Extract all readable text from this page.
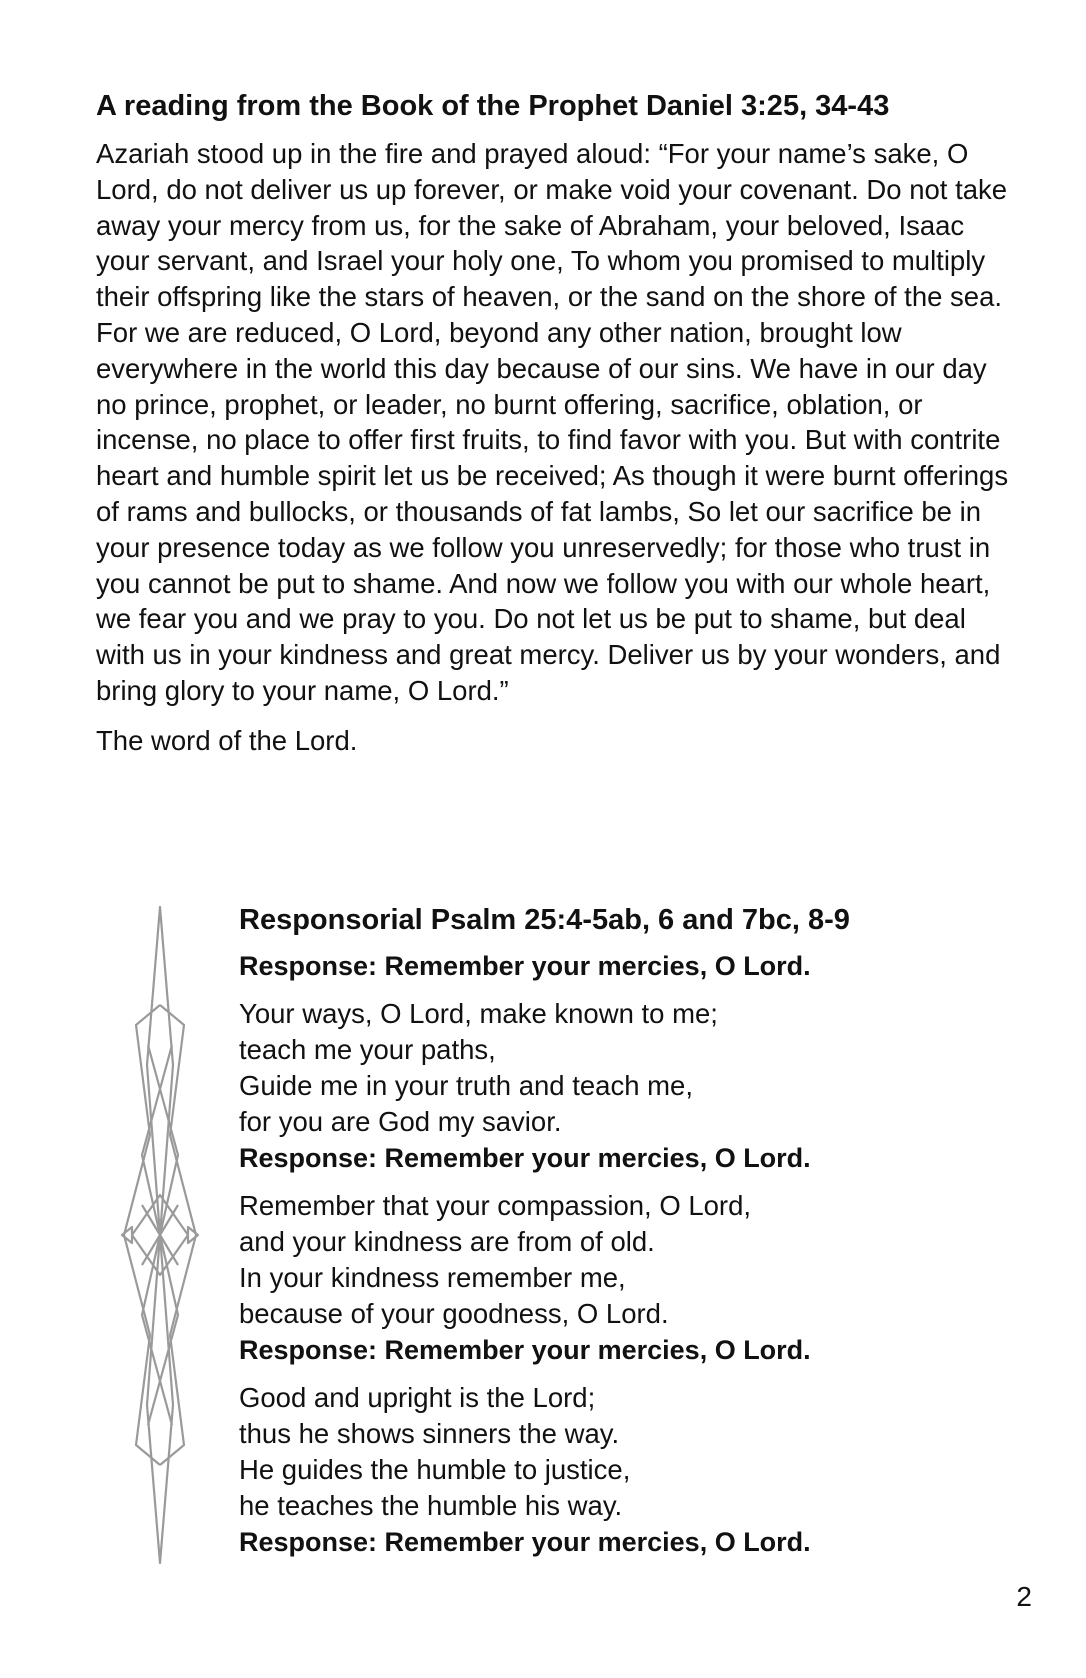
A reading from the Book of the Prophet Daniel 3:25, 34-43

Azariah stood up in the fire and prayed aloud: “For your name’s sake, O Lord, do not deliver us up forever, or make void your covenant. Do not take away your mercy from us, for the sake of Abraham, your beloved, Isaac your servant, and Israel your holy one, To whom you promised to multiply their offspring like the stars of heaven, or the sand on the shore of the sea. For we are reduced, O Lord, beyond any other nation, brought low everywhere in the world this day because of our sins. We have in our day no prince, prophet, or leader, no burnt offering, sacrifice, oblation, or incense, no place to offer first fruits, to find favor with you. But with contrite heart and humble spirit let us be received; As though it were burnt offerings of rams and bullocks, or thousands of fat lambs, So let our sacrifice be in your presence today as we follow you unreservedly; for those who trust in you cannot be put to shame. And now we follow you with our whole heart, we fear you and we pray to you. Do not let us be put to shame, but deal with us in your kindness and great mercy. Deliver us by your wonders, and bring glory to your name, O Lord.”

The word of the Lord.

Responsorial Psalm 25:4-5ab, 6 and 7bc, 8-9

Response: Remember your mercies, O Lord.

Your ways, O Lord, make known to me;

teach me your paths,

Guide me in your truth and teach me,

for you are God my savior.

Response: Remember your mercies, O Lord.

Remember that your compassion, O Lord,

and your kindness are from of old.

In your kindness remember me,

because of your goodness, O Lord.

Response: Remember your mercies, O Lord.

Good and upright is the Lord;

thus he shows sinners the way.

He guides the humble to justice,

he teaches the humble his way.

Response: Remember your mercies, O Lord.

2
